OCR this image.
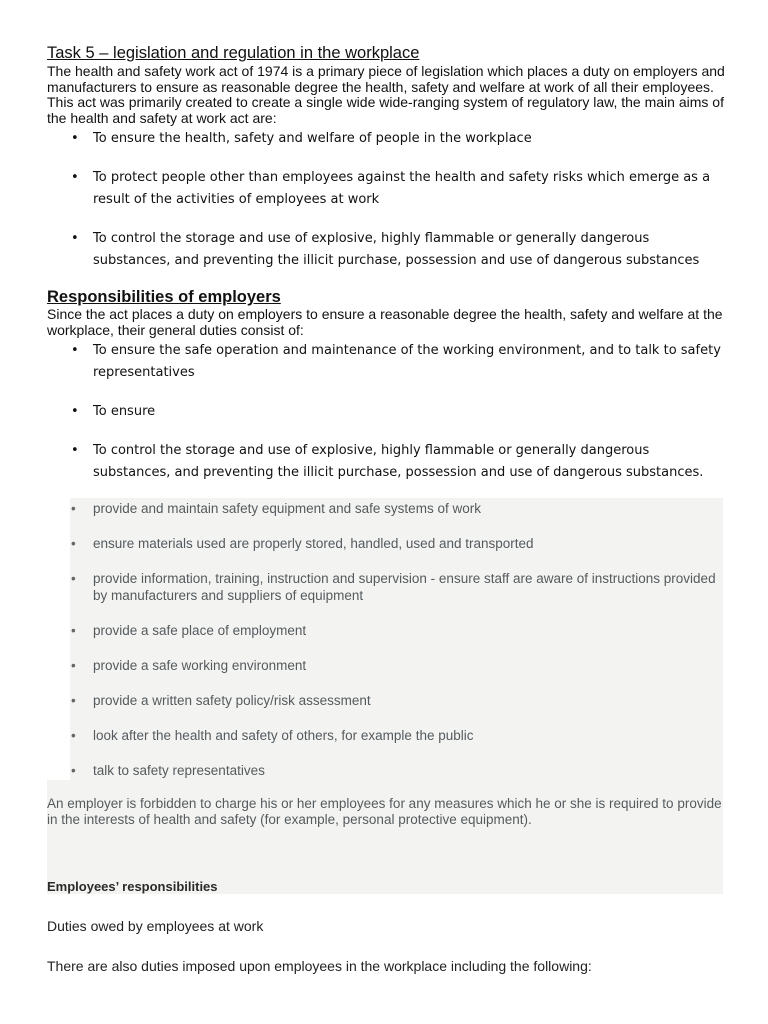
Task 5 – legislation and regulation in the workplace

The health and safety work act of 1974 is a primary piece of legislation which places a duty on employers and manufacturers to ensure as reasonable degree the health, safety and welfare at work of all their employees. This act was primarily created to create a single wide wide-ranging system of regulatory law, the main aims of the health and safety at work act are:

• To ensure the health, safety and welfare of people in the workplace
• To protect people other than employees against the health and safety risks which emerge as a result of the activities of employees at work
• To control the storage and use of explosive, highly flammable or generally dangerous substances, and preventing the illicit purchase, possession and use of dangerous substances
Responsibilities of employers

Since the act places a duty on employers to ensure a reasonable degree the health, safety and welfare at the workplace, their general duties consist of:

• To ensure the safe operation and maintenance of the working environment, and to talk to safety representatives
• To ensure
• To control the storage and use of explosive, highly flammable or generally dangerous substances, and preventing the illicit purchase, possession and use of dangerous substances.
• provide and maintain safety equipment and safe systems of work
• ensure materials used are properly stored, handled, used and transported
• provide information, training, instruction and supervision - ensure staff are aware of instructions provided by manufacturers and suppliers of equipment
• provide a safe place of employment
• provide a safe working environment
• provide a written safety policy/risk assessment
• look after the health and safety of others, for example the public
• talk to safety representatives

An employer is forbidden to charge his or her employees for any measures which he or she is required to provide in the interests of health and safety (for example, personal protective equipment).

Employees’ responsibilities

Duties owed by employees at work

There are also duties imposed upon employees in the workplace including the following:
